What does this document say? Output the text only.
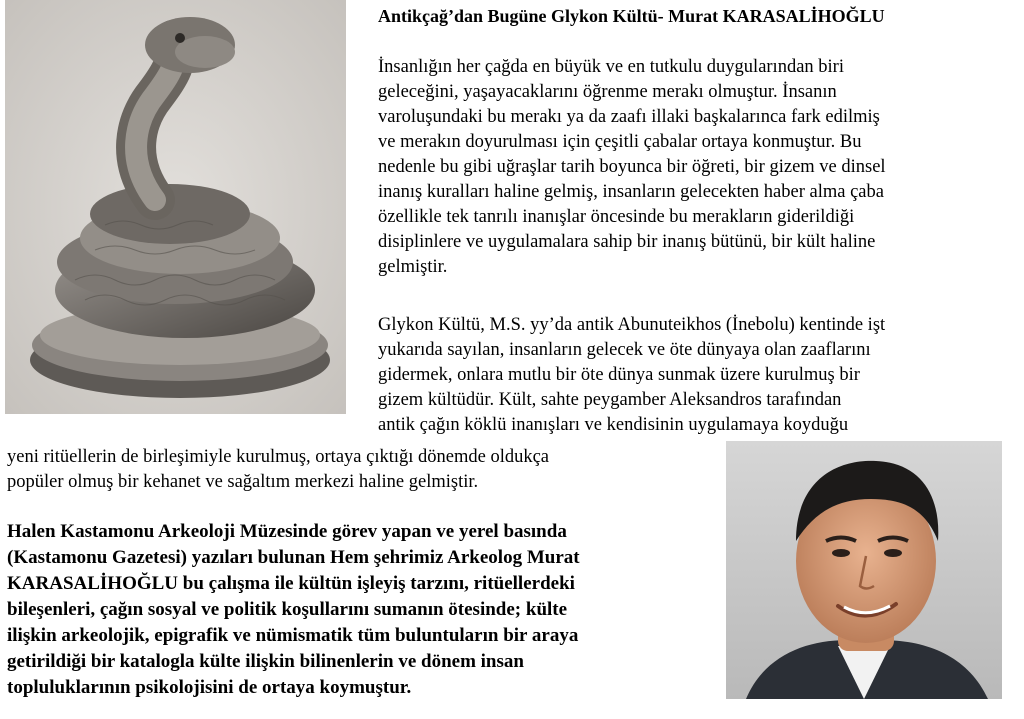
Antikçağ’dan Bugüne Glykon Kültü- Murat KARASALİHOĞLU
İnsanlığın her çağda en büyük ve en tutkulu duygularından biri
geleceğini, yaşayacaklarını öğrenme merakı olmuştur. İnsanın
varoluşundaki bu merakı ya da zaafı illaki başkalarınca fark edilmiş
ve merakın doyurulması için çeşitli çabalar ortaya konmuştur. Bu
nedenle bu gibi uğraşlar tarih boyunca bir öğreti, bir gizem ve dinsel
inanış kuralları haline gelmiş, insanların gelecekten haber alma çaba
özellikle tek tanrılı inanışlar öncesinde bu merakların giderildiği
disiplinlere ve uygulamalara sahip bir inanış bütünü, bir kült haline
gelmiştir.
Glykon Kültü, M.S. yy’da antik Abunuteikhos (İnebolu) kentinde işt
yukarıda sayılan, insanların gelecek ve öte dünyaya olan zaaflarını
gidermek, onlara mutlu bir öte dünya sunmak üzere kurulmuş bir
gizem kültüdür. Kült, sahte peygamber Aleksandros tarafından
antik çağın köklü inanışları ve kendisinin uygulamaya koyduğu
yeni ritüellerin de birleşimiyle kurulmuş, ortaya çıktığı dönemde oldukça
popüler olmuş bir kehanet ve sağaltım merkezi haline gelmiştir.
Halen Kastamonu Arkeoloji Müzesinde görev yapan ve yerel basında
(Kastamonu Gazetesi) yazıları bulunan Hem şehrimiz Arkeolog Murat
KARASALİHOĞLU bu çalışma ile kültün işleyiş tarzını, ritüellerdeki
bileşenleri, çağın sosyal ve politik koşullarını sumanın ötesinde; külte
ilişkin arkeolojik, epigrafik ve nümismatik tüm buluntuların bir araya
getirildiği bir katalogla külte ilişkin bilinenlerin ve dönem insan
topluluklarının psikolojisini de ortaya koymuştur.
